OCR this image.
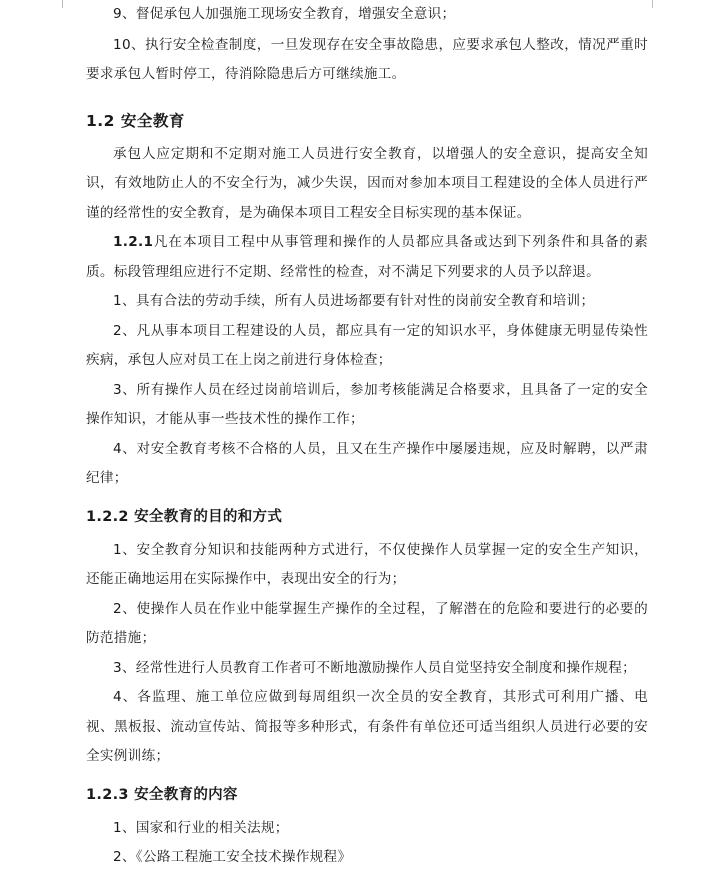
9、督促承包人加强施工现场安全教育，增强安全意识；

10、执行安全检查制度，一旦发现存在安全事故隐患，应要求承包人整改，情况严重时要求承包人暂时停工，待消除隐患后方可继续施工。

1.2 安全教育

承包人应定期和不定期对施工人员进行安全教育，以增强人的安全意识，提高安全知识，有效地防止人的不安全行为，减少失误，因而对参加本项目工程建设的全体人员进行严谨的经常性的安全教育，是为确保本项目工程安全目标实现的基本保证。

1.2.1凡在本项目工程中从事管理和操作的人员都应具备或达到下列条件和具备的素质。标段管理组应进行不定期、经常性的检查，对不满足下列要求的人员予以辞退。

1、具有合法的劳动手续，所有人员进场都要有针对性的岗前安全教育和培训；

2、凡从事本项目工程建设的人员，都应具有一定的知识水平，身体健康无明显传染性疾病，承包人应对员工在上岗之前进行身体检查；

3、所有操作人员在经过岗前培训后，参加考核能满足合格要求，且具备了一定的安全操作知识，才能从事一些技术性的操作工作；

4、对安全教育考核不合格的人员，且又在生产操作中屡屡违规，应及时解聘，以严肃纪律；

1.2.2 安全教育的目的和方式

1、安全教育分知识和技能两种方式进行，不仅使操作人员掌握一定的安全生产知识，还能正确地运用在实际操作中，表现出安全的行为；

2、使操作人员在作业中能掌握生产操作的全过程，了解潜在的危险和要进行的必要的防范措施；

3、经常性进行人员教育工作者可不断地激励操作人员自觉坚持安全制度和操作规程；

4、各监理、施工单位应做到每周组织一次全员的安全教育，其形式可利用广播、电视、黑板报、流动宣传站、简报等多种形式，有条件有单位还可适当组织人员进行必要的安全实例训练；

1.2.3 安全教育的内容

1、国家和行业的相关法规；

2、《公路工程施工安全技术操作规程》
